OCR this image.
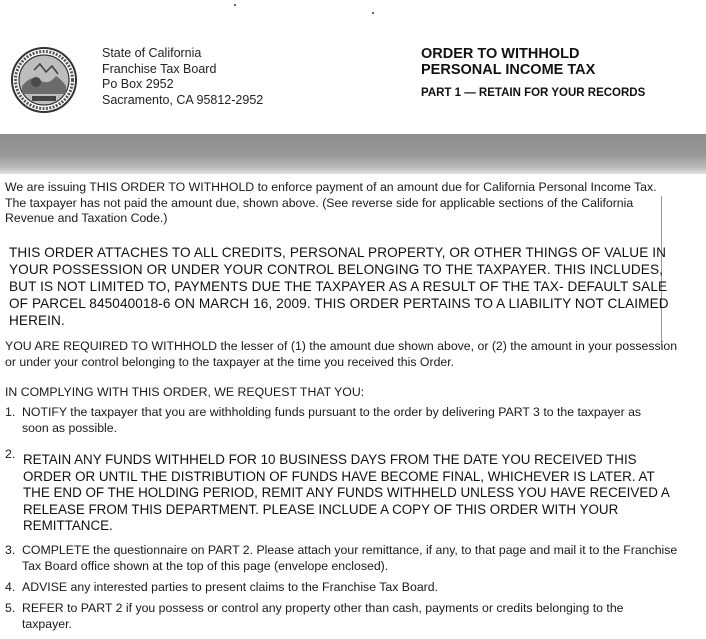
State of California
Franchise Tax Board
Po Box 2952
Sacramento, CA 95812-2952
ORDER TO WITHHOLD
PERSONAL INCOME TAX
PART 1 — RETAIN FOR YOUR RECORDS
We are issuing THIS ORDER TO WITHHOLD to enforce payment of an amount due for California Personal Income Tax.
The taxpayer has not paid the amount due, shown above. (See reverse side for applicable sections of the California
Revenue and Taxation Code.)
THIS ORDER ATTACHES TO ALL CREDITS, PERSONAL PROPERTY, OR OTHER THINGS OF VALUE IN
YOUR POSSESSION OR UNDER YOUR CONTROL BELONGING TO THE TAXPAYER. THIS INCLUDES,
BUT IS NOT LIMITED TO, PAYMENTS DUE THE TAXPAYER AS A RESULT OF THE TAX- DEFAULT SALE
OF PARCEL 845040018-6 ON MARCH 16, 2009. THIS ORDER PERTAINS TO A LIABILITY NOT CLAIMED
HEREIN.
YOU ARE REQUIRED TO WITHHOLD the lesser of (1) the amount due shown above, or (2) the amount in your possession
or under your control belonging to the taxpayer at the time you received this Order.
IN COMPLYING WITH THIS ORDER, WE REQUEST THAT YOU:
1. NOTIFY the taxpayer that you are withholding funds pursuant to the order by delivering PART 3 to the taxpayer as
soon as possible.
2. RETAIN ANY FUNDS WITHHELD FOR 10 BUSINESS DAYS FROM THE DATE YOU RECEIVED THIS
ORDER OR UNTIL THE DISTRIBUTION OF FUNDS HAVE BECOME FINAL, WHICHEVER IS LATER. AT
THE END OF THE HOLDING PERIOD, REMIT ANY FUNDS WITHHELD UNLESS YOU HAVE RECEIVED A
RELEASE FROM THIS DEPARTMENT. PLEASE INCLUDE A COPY OF THIS ORDER WITH YOUR
REMITTANCE.
3. COMPLETE the questionnaire on PART 2. Please attach your remittance, if any, to that page and mail it to the Franchise
Tax Board office shown at the top of this page (envelope enclosed).
4. ADVISE any interested parties to present claims to the Franchise Tax Board.
5. REFER to PART 2 if you possess or control any property other than cash, payments or credits belonging to the
taxpayer.
